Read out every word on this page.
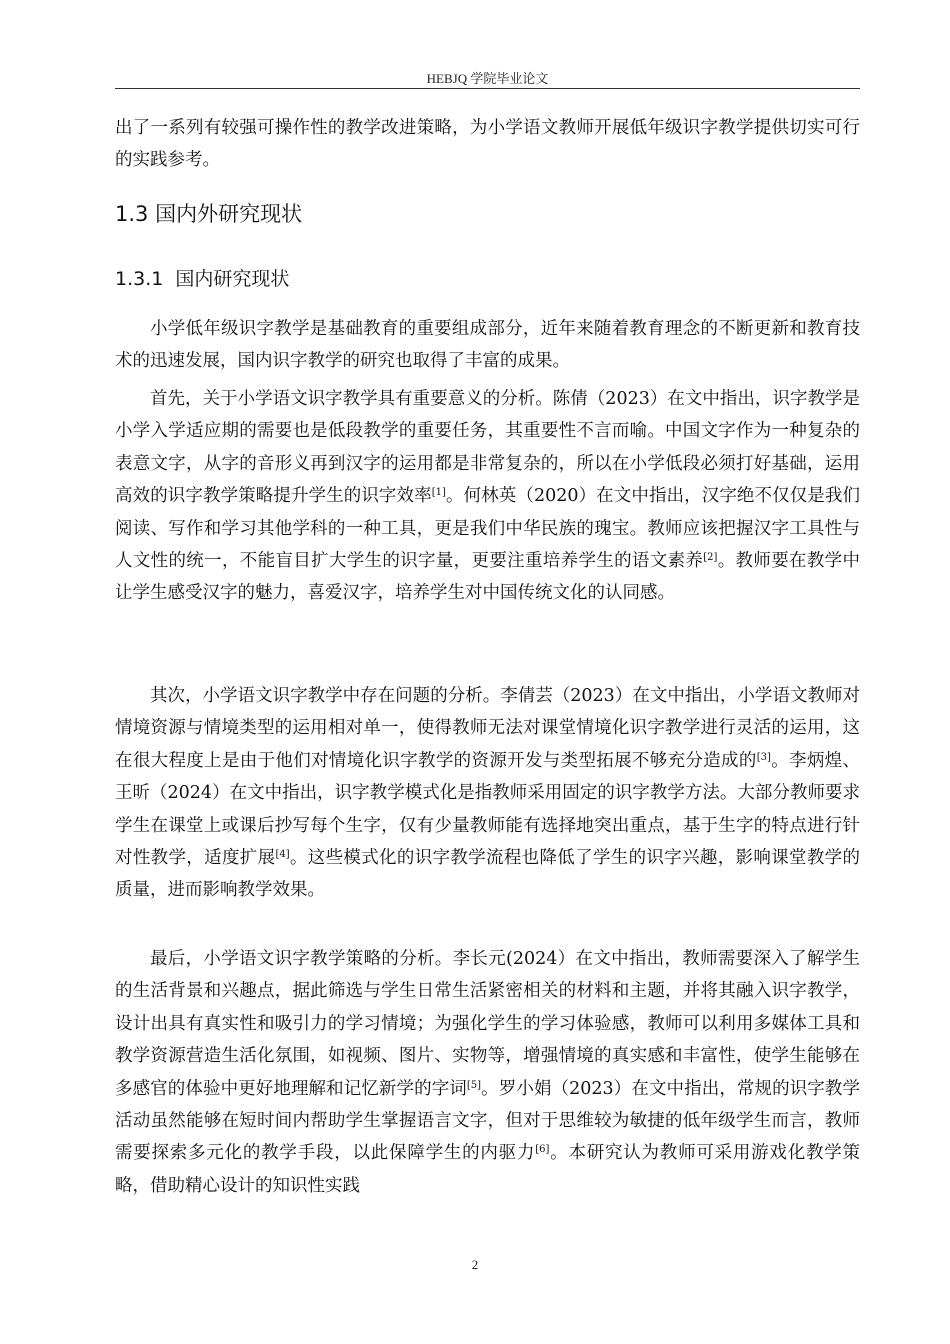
HEBJQ 学院毕业论文

出了一系列有较强可操作性的教学改进策略，为小学语文教师开展低年级识字教学提供切实可行的实践参考。

1.3 国内外研究现状
1.3.1 国内研究现状

小学低年级识字教学是基础教育的重要组成部分，近年来随着教育理念的不断更新和教育技术的迅速发展，国内识字教学的研究也取得了丰富的成果。

首先，关于小学语文识字教学具有重要意义的分析。陈倩（2023）在文中指出，识字教学是小学入学适应期的需要也是低段教学的重要任务，其重要性不言而喻。中国文字作为一种复杂的表意文字，从字的音形义再到汉字的运用都是非常复杂的，所以在小学低段必须打好基础，运用高效的识字教学策略提升学生的识字效率[1]。何林英（2020）在文中指出，汉字绝不仅仅是我们阅读、写作和学习其他学科的一种工具，更是我们中华民族的瑰宝。教师应该把握汉字工具性与人文性的统一，不能盲目扩大学生的识字量，更要注重培养学生的语文素养[2]。教师要在教学中让学生感受汉字的魅力，喜爱汉字，培养学生对中国传统文化的认同感。

其次，小学语文识字教学中存在问题的分析。李倩芸（2023）在文中指出，小学语文教师对情境资源与情境类型的运用相对单一，使得教师无法对课堂情境化识字教学进行灵活的运用，这在很大程度上是由于他们对情境化识字教学的资源开发与类型拓展不够充分造成的[3]。李炳煌、王昕（2024）在文中指出，识字教学模式化是指教师采用固定的识字教学方法。大部分教师要求学生在课堂上或课后抄写每个生字，仅有少量教师能有选择地突出重点，基于生字的特点进行针对性教学，适度扩展[4]。这些模式化的识字教学流程也降低了学生的识字兴趣，影响课堂教学的质量，进而影响教学效果。

最后，小学语文识字教学策略的分析。李长元(2024）在文中指出，教师需要深入了解学生的生活背景和兴趣点，据此筛选与学生日常生活紧密相关的材料和主题，并将其融入识字教学，设计出具有真实性和吸引力的学习情境；为强化学生的学习体验感，教师可以利用多媒体工具和教学资源营造生活化氛围，如视频、图片、实物等，增强情境的真实感和丰富性，使学生能够在多感官的体验中更好地理解和记忆新学的字词[5]。罗小娟（2023）在文中指出，常规的识字教学活动虽然能够在短时间内帮助学生掌握语言文字，但对于思维较为敏捷的低年级学生而言，教师需要探索多元化的教学手段，以此保障学生的内驱力[6]。本研究认为教师可采用游戏化教学策略，借助精心设计的知识性实践

2
